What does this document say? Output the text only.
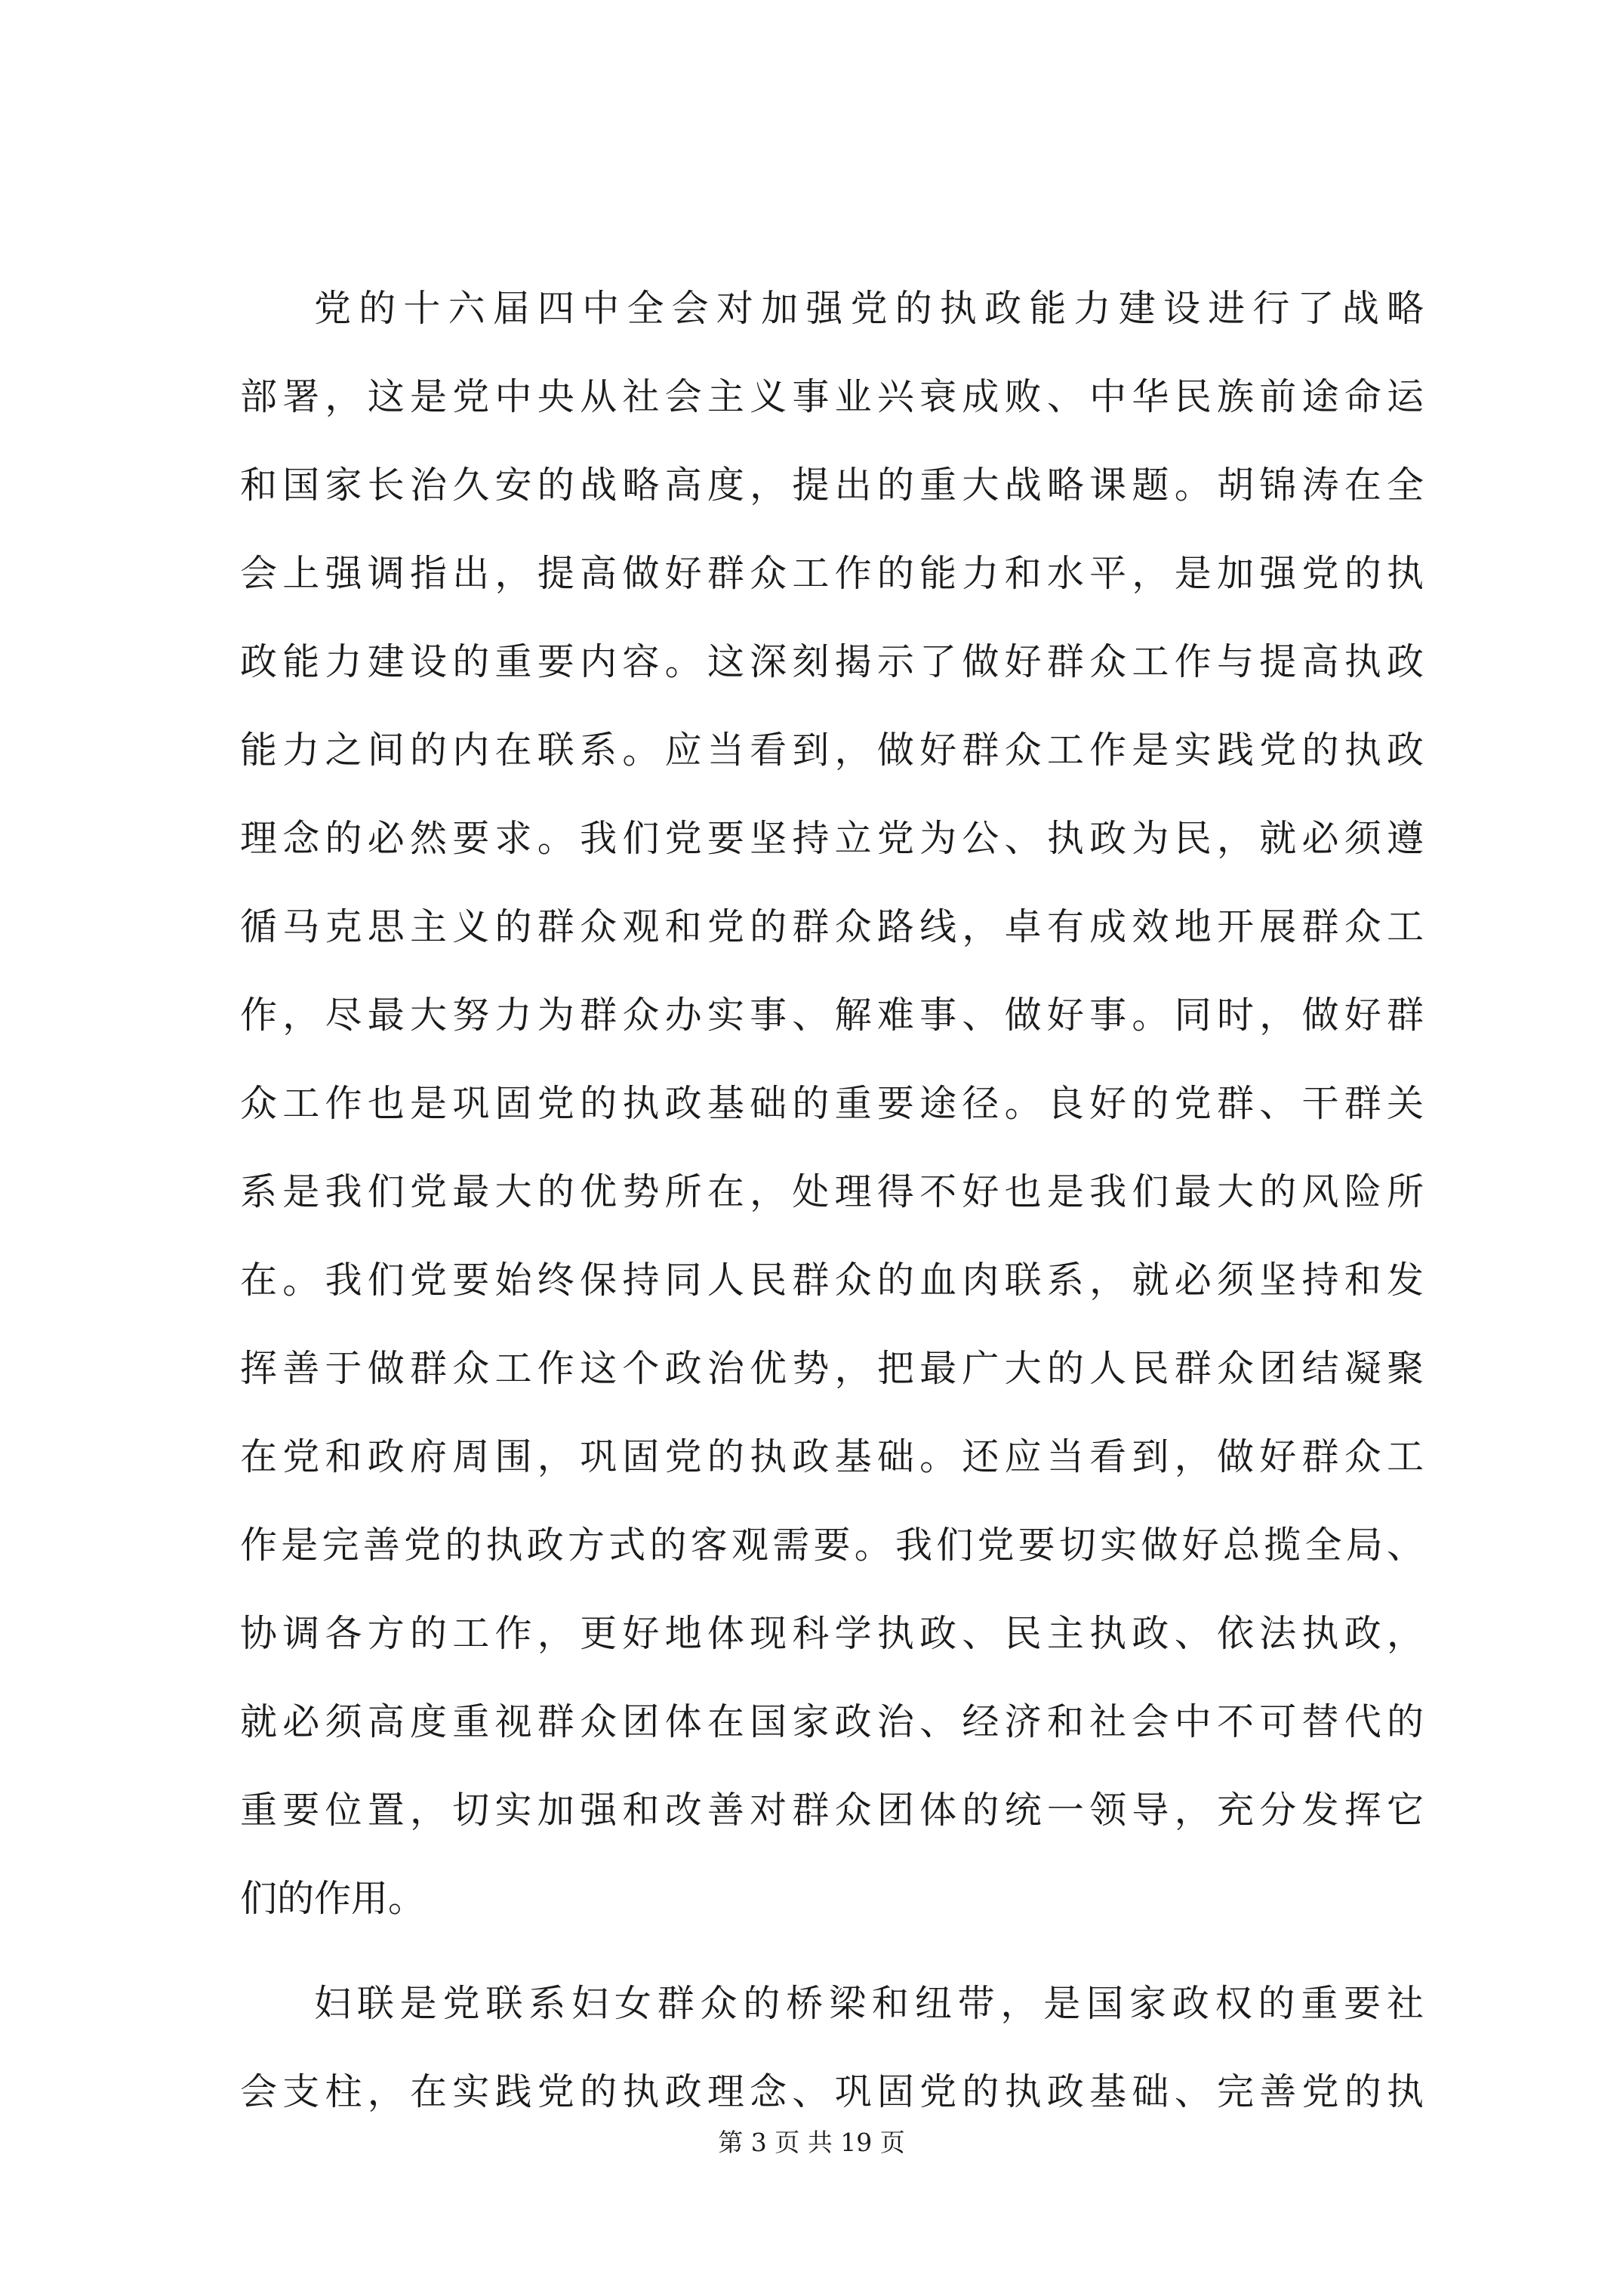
党的十六届四中全会对加强党的执政能力建设进行了战略
部署，这是党中央从社会主义事业兴衰成败、中华民族前途命运
和国家长治久安的战略高度，提出的重大战略课题。胡锦涛在全
会上强调指出，提高做好群众工作的能力和水平，是加强党的执
政能力建设的重要内容。这深刻揭示了做好群众工作与提高执政
能力之间的内在联系。应当看到，做好群众工作是实践党的执政
理念的必然要求。我们党要坚持立党为公、执政为民，就必须遵
循马克思主义的群众观和党的群众路线，卓有成效地开展群众工
作，尽最大努力为群众办实事、解难事、做好事。同时，做好群
众工作也是巩固党的执政基础的重要途径。良好的党群、干群关
系是我们党最大的优势所在，处理得不好也是我们最大的风险所
在。我们党要始终保持同人民群众的血肉联系，就必须坚持和发
挥善于做群众工作这个政治优势，把最广大的人民群众团结凝聚
在党和政府周围，巩固党的执政基础。还应当看到，做好群众工
作是完善党的执政方式的客观需要。我们党要切实做好总揽全局、
协调各方的工作，更好地体现科学执政、民主执政、依法执政，
就必须高度重视群众团体在国家政治、经济和社会中不可替代的
重要位置，切实加强和改善对群众团体的统一领导，充分发挥它
们的作用。
妇联是党联系妇女群众的桥梁和纽带，是国家政权的重要社
会支柱，在实践党的执政理念、巩固党的执政基础、完善党的执
第 3 页 共 19 页
